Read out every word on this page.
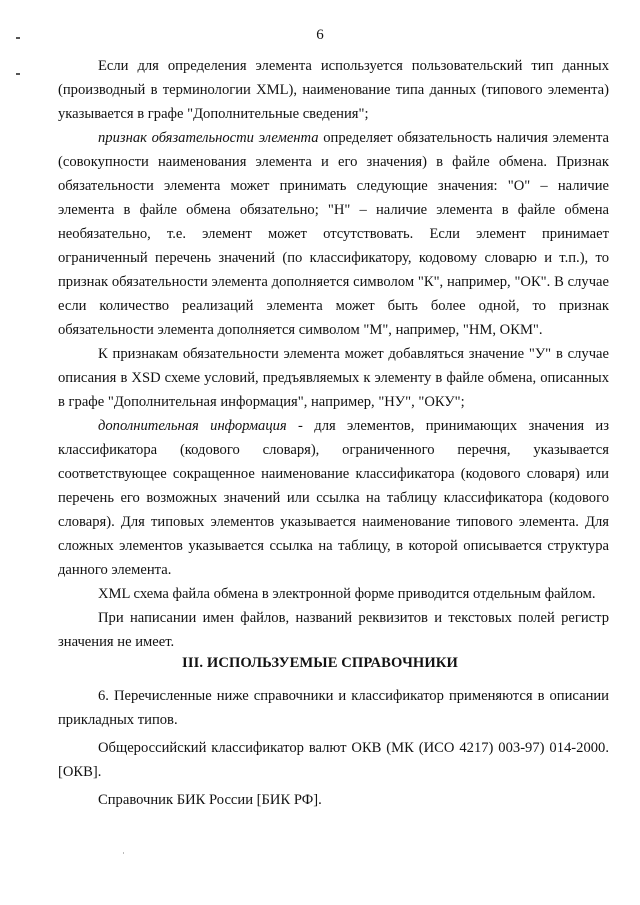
6

Если для определения элемента используется пользовательский тип данных (производный в терминологии XML), наименование типа данных (типового элемента) указывается в графе "Дополнительные сведения";

признак обязательности элемента определяет обязательность наличия элемента (совокупности наименования элемента и его значения) в файле обмена. Признак обязательности элемента может принимать следующие значения: "О" – наличие элемента в файле обмена обязательно; "Н" – наличие элемента в файле обмена необязательно, т.е. элемент может отсутствовать. Если элемент принимает ограниченный перечень значений (по классификатору, кодовому словарю и т.п.), то признак обязательности элемента дополняется символом "К", например, "ОК". В случае если количество реализаций элемента может быть более одной, то признак обязательности элемента дополняется символом "М", например, "НМ, ОКМ".

К признакам обязательности элемента может добавляться значение "У" в случае описания в XSD схеме условий, предъявляемых к элементу в файле обмена, описанных в графе "Дополнительная информация", например, "НУ", "ОКУ";

дополнительная информация - для элементов, принимающих значения из классификатора (кодового словаря), ограниченного перечня, указывается соответствующее сокращенное наименование классификатора (кодового словаря) или перечень его возможных значений или ссылка на таблицу классификатора (кодового словаря). Для типовых элементов указывается наименование типового элемента. Для сложных элементов указывается ссылка на таблицу, в которой описывается структура данного элемента.

XML схема файла обмена в электронной форме приводится отдельным файлом.

При написании имен файлов, названий реквизитов и текстовых полей регистр значения не имеет.

III. ИСПОЛЬЗУЕМЫЕ СПРАВОЧНИКИ

6. Перечисленные ниже справочники и классификатор применяются в описании прикладных типов.

Общероссийский классификатор валют ОКВ (МК (ИСО 4217) 003-97) 014-2000. [ОКВ].

Справочник БИК России [БИК РФ].
